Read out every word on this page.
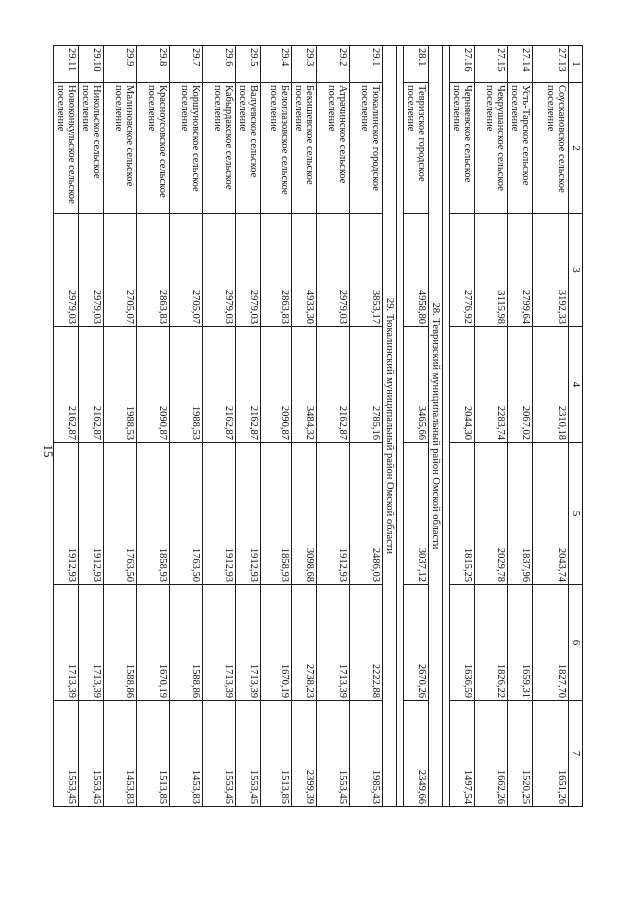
15
1	2	3	4	5	6	7
27.13	Соускановское сельское поселение	3192,33	2310,18	2043,74	1827,70	1651,26
27.14	Усть-Тарское сельское поселение	2799,64	2067,02	1837,96	1659,31	1520,25
27.15	Чекрушанское сельское поселение	3115,98	2283,74	2029,78	1826,22	1662,26
27.16	Черняевское сельское поселение	2776,92	2044,30	1815,25	1636,59	1497,54

28. Тевризский муниципальный район Омской области						
28.1	Тевризское городское поселение	4958,80	3465,66	3037,12	2670,26	2349,66

29. Тюкалинский муниципальный район Омской области						
29.1	Тюкалинское городское поселение	3853,17	2785,16	2486,03	2222,88	1985,43
29.2	Атрачинское сельское поселение	2979,03	2162,87	1912,93	1713,39	1553,45
29.3	Бекишевское сельское поселение	4933,30	3484,32	3098,68	2738,23	2399,39
29.4	Белоглазовское сельское поселение	2863,83	2090,87	1858,93	1670,19	1513,85
29.5	Валуевское сельское поселение	2979,03	2162,87	1912,93	1713,39	1553,45
29.6	Кабырдакское сельское поселение	2979,03	2162,87	1912,93	1713,39	1553,45
29.7	Коршуновское сельское поселение	2705,07	1988,53	1763,50	1588,86	1453,83
29.8	Красноусовское сельское поселение	2863,83	2090,87	1858,93	1670,19	1513,85
29.9	Малиновское сельское поселение	2705,07	1988,53	1763,50	1588,86	1453,83
29.10	Никольское сельское поселение	2979,03	2162,87	1912,93	1713,39	1553,45
29.11	Новоконкульское сельское поселение	2979,03	2162,87	1912,93	1713,39	1553,45
